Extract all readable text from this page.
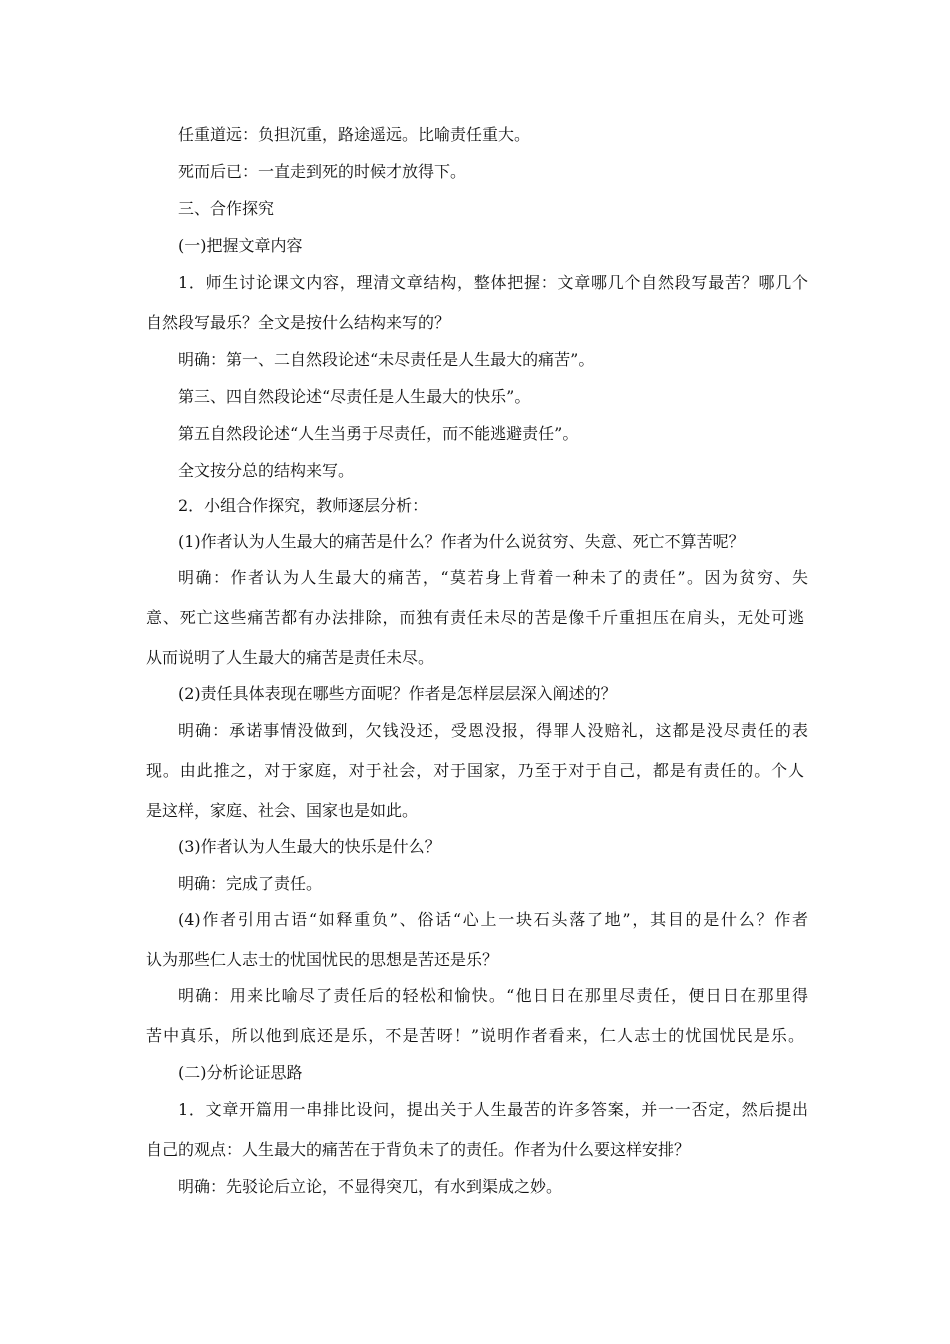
任重道远：负担沉重，路途遥远。比喻责任重大。
死而后已：一直走到死的时候才放得下。
三、合作探究
(一)把握文章内容
1．师生讨论课文内容，理清文章结构，整体把握：文章哪几个自然段写最苦？哪几个
自然段写最乐？全文是按什么结构来写的？
明确：第一、二自然段论述“未尽责任是人生最大的痛苦”。
第三、四自然段论述“尽责任是人生最大的快乐”。
第五自然段论述“人生当勇于尽责任，而不能逃避责任”。
全文按分总的结构来写。
2．小组合作探究，教师逐层分析：
(1)作者认为人生最大的痛苦是什么？作者为什么说贫穷、失意、死亡不算苦呢？
明确：作者认为人生最大的痛苦，“莫若身上背着一种未了的责任”。因为贫穷、失
意、死亡这些痛苦都有办法排除，而独有责任未尽的苦是像千斤重担压在肩头，无处可逃
从而说明了人生最大的痛苦是责任未尽。
(2)责任具体表现在哪些方面呢？作者是怎样层层深入阐述的？
明确：承诺事情没做到，欠钱没还，受恩没报，得罪人没赔礼，这都是没尽责任的表
现。由此推之，对于家庭，对于社会，对于国家，乃至于对于自己，都是有责任的。个人
是这样，家庭、社会、国家也是如此。
(3)作者认为人生最大的快乐是什么？
明确：完成了责任。
(4)作者引用古语“如释重负”、俗话“心上一块石头落了地”，其目的是什么？作者
认为那些仁人志士的忧国忧民的思想是苦还是乐？
明确：用来比喻尽了责任后的轻松和愉快。“他日日在那里尽责任，便日日在那里得
苦中真乐，所以他到底还是乐，不是苦呀！”说明作者看来，仁人志士的忧国忧民是乐。
(二)分析论证思路
1．文章开篇用一串排比设问，提出关于人生最苦的许多答案，并一一否定，然后提出
自己的观点：人生最大的痛苦在于背负未了的责任。作者为什么要这样安排？
明确：先驳论后立论，不显得突兀，有水到渠成之妙。
